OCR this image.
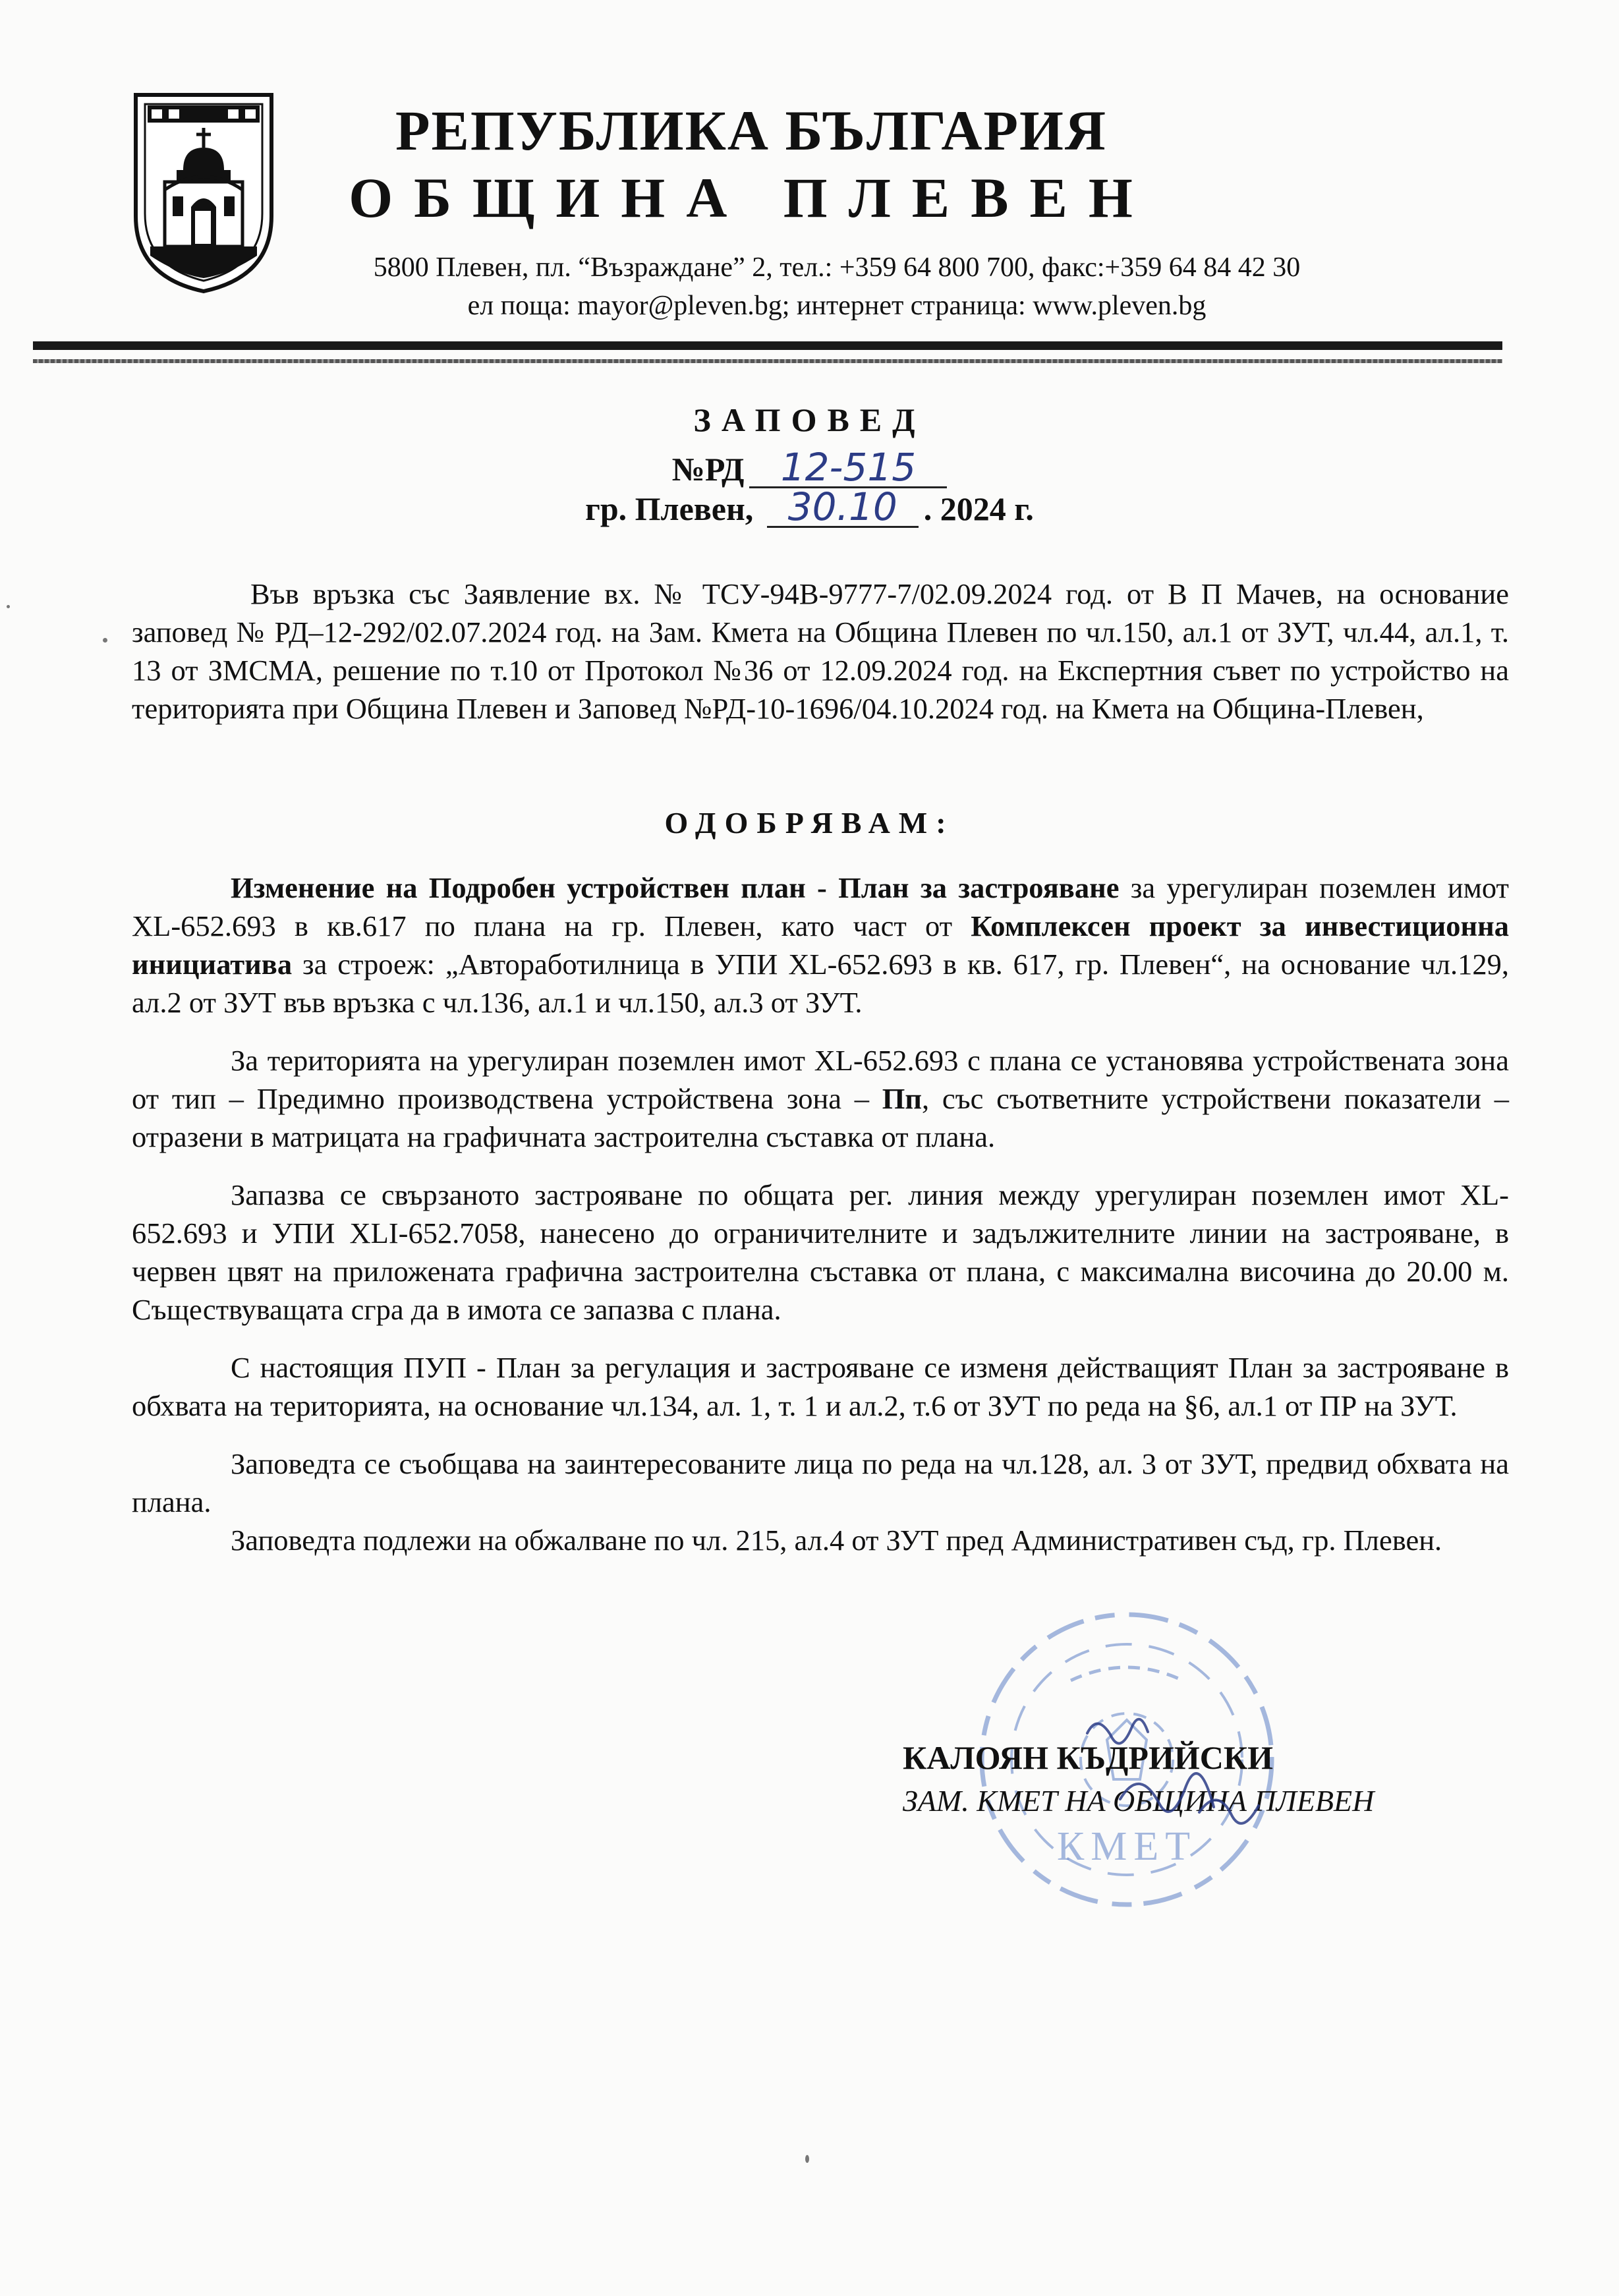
РЕПУБЛИКА БЪЛГАРИЯ
ОБЩИНА ПЛЕВЕН
5800 Плевен, пл. “Възраждане” 2, тел.: +359 64 800 700, факс:+359 64 84 42 30
ел поща: mayor@pleven.bg; интернет страница: www.pleven.bg
ЗАПОВЕД
№РД 12-515
гр. Плевен, 30.10 . 2024 г.
Във връзка със Заявление вх. № ТСУ-94В-9777-7/02.09.2024 год. от В П Мачев, на основание заповед № РД–12-292/02.07.2024 год. на Зам. Кмета на Община Плевен по чл.150, ал.1 от ЗУТ, чл.44, ал.1, т. 13 от ЗМСМА, решение по т.10 от Протокол №36 от 12.09.2024 год. на Експертния съвет по устройство на територията при Община Плевен и Заповед №РД-10-1696/04.10.2024 год. на Кмета на Община-Плевен,
ОДОБРЯВАМ:
Изменение на Подробен устройствен план - План за застрояване за урегулиран поземлен имот XL-652.693 в кв.617 по плана на гр. Плевен, като част от Комплексен проект за инвестиционна инициатива за строеж: „Автоработилница в УПИ XL-652.693 в кв. 617, гр. Плевен“, на основание чл.129, ал.2 от ЗУТ във връзка с чл.136, ал.1 и чл.150, ал.3 от ЗУТ.
За територията на урегулиран поземлен имот XL-652.693 с плана се установява устройствената зона от тип – Предимно производствена устройствена зона – Пп, със съответните устройствени показатели – отразени в матрицата на графичната застроителна съставка от плана.
Запазва се свързаното застрояване по общата рег. линия между урегулиран поземлен имот XL-652.693 и УПИ XLI-652.7058, нанесено до ограничителните и задължителните линии на застрояване, в червен цвят на приложената графична застроителна съставка от плана, с максимална височина до 20.00 м. Съществуващата сгра да в имота се запазва с плана.
С настоящия ПУП - План за регулация и застрояване се изменя действащият План за застрояване в обхвата на територията, на основание чл.134, ал. 1, т. 1 и ал.2, т.6 от ЗУТ по реда на §6, ал.1 от ПР на ЗУТ.
Заповедта се съобщава на заинтересованите лица по реда на чл.128, ал. 3 от ЗУТ, предвид обхвата на плана.
Заповедта подлежи на обжалване по чл. 215, ал.4 от ЗУТ пред Административен съд, гр. Плевен.
КМЕТ
КАЛОЯН КЪДРИЙСКИ
ЗАМ. КМЕТ НА ОБЩИНА ПЛЕВЕН
